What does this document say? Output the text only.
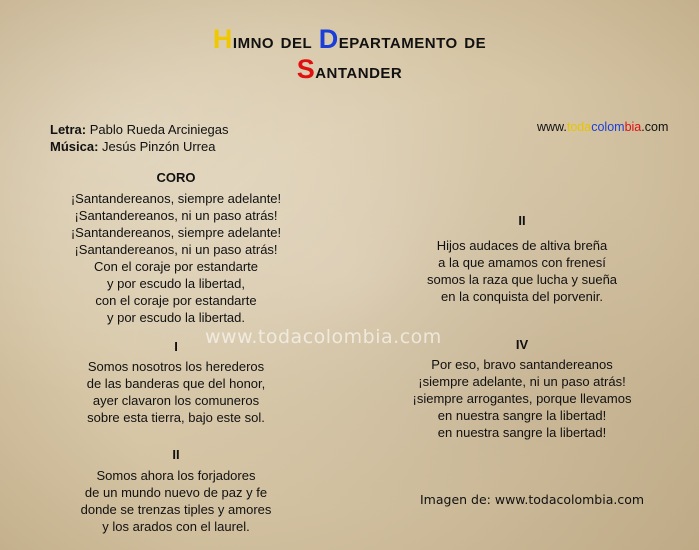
Himno del Departamento de
Santander
Letra: Pablo Rueda Arciniegas
Música: Jesús Pinzón Urrea
www.todacolombia.com
CORO
¡Santandereanos, siempre adelante!
¡Santandereanos, ni un paso atrás!
¡Santandereanos, siempre adelante!
¡Santandereanos, ni un paso atrás!
Con el coraje por estandarte
y por escudo la libertad,
con el coraje por estandarte
y por escudo la libertad.
www.todacolombia.com
I
Somos nosotros los herederos
de las banderas que del honor,
ayer clavaron los comuneros
sobre esta tierra, bajo este sol.
II
Somos ahora los forjadores
de un mundo nuevo de paz y fe
donde se trenzas tiples y amores
y los arados con el laurel.
II
Hijos audaces de altiva breña
a la que amamos con frenesí
somos la raza que lucha y sueña
en la conquista del porvenir.
IV
Por eso, bravo santandereanos
¡siempre adelante, ni un paso atrás!
¡siempre arrogantes, porque llevamos
en nuestra sangre la libertad!
en nuestra sangre la libertad!
Imagen de: www.todacolombia.com
